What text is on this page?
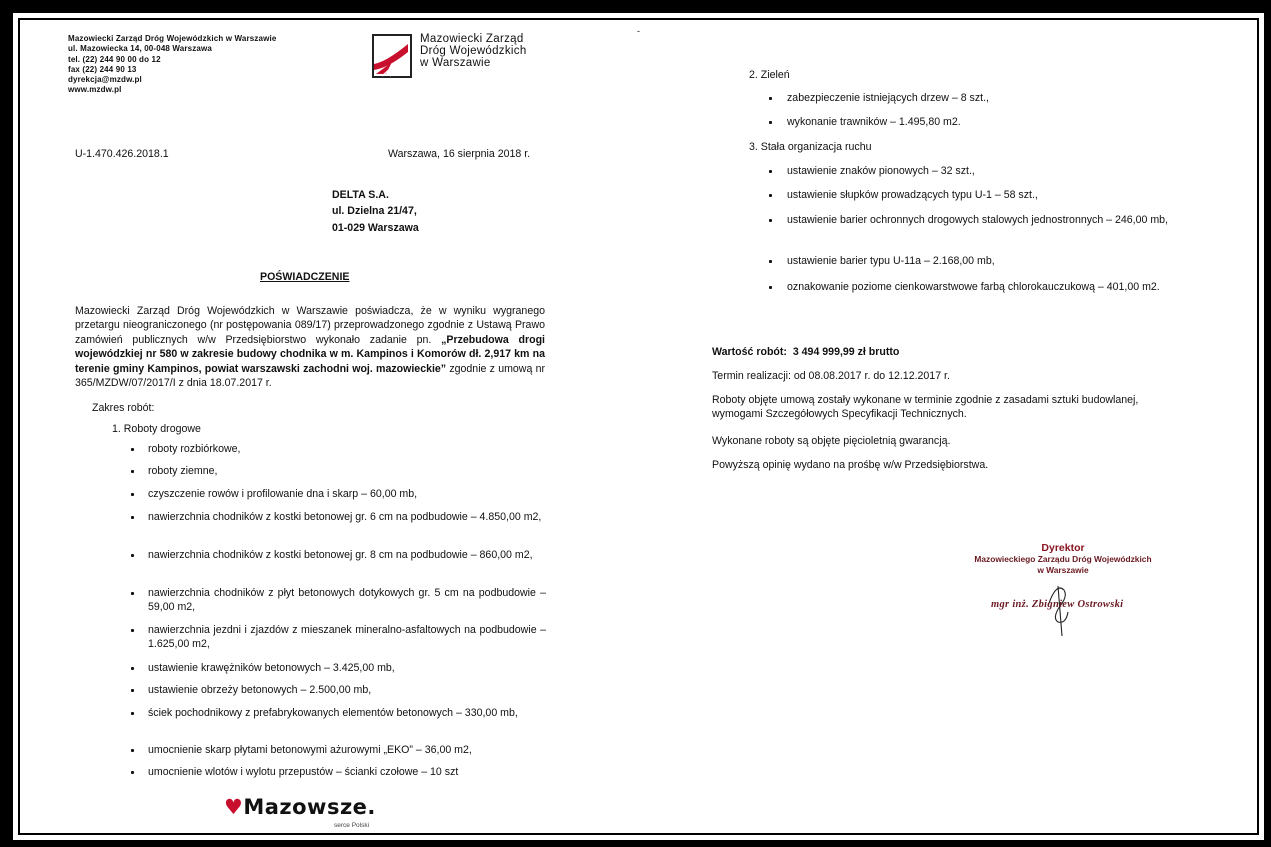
Mazowiecki Zarząd Dróg Wojewódzkich w Warszawie
ul. Mazowiecka 14, 00-048 Warszawa
tel. (22) 244 90 00 do 12
fax (22) 244 90 13
dyrekcja@mzdw.pl
www.mzdw.pl
Mazowiecki Zarząd
Dróg Wojewódzkich
w Warszawie
U-1.470.426.2018.1	Warszawa, 16 sierpnia 2018 r.
DELTA S.A.
ul. Dzielna 21/47,
01-029 Warszawa
POŚWIADCZENIE
Mazowiecki Zarząd Dróg Wojewódzkich w Warszawie poświadcza, że w wyniku wygranego przetargu nieograniczonego (nr postępowania 089/17) przeprowadzonego zgodnie z Ustawą Prawo zamówień publicznych w/w Przedsiębiorstwo wykonało zadanie pn. „Przebudowa drogi wojewódzkiej nr 580 w zakresie budowy chodnika w m. Kampinos i Komorów dł. 2,917 km na terenie gminy Kampinos, powiat warszawski zachodni woj. mazowieckie” zgodnie z umową nr 365/MZDW/07/2017/I z dnia 18.07.2017 r.
Zakres robót:
1. Roboty drogowe
roboty rozbiórkowe,
roboty ziemne,
czyszczenie rowów i profilowanie dna i skarp – 60,00 mb,
nawierzchnia chodników z kostki betonowej gr. 6 cm na podbudowie – 4.850,00 m2,
nawierzchnia chodników z kostki betonowej gr. 8 cm na podbudowie – 860,00 m2,
nawierzchnia chodników z płyt betonowych dotykowych gr. 5 cm na podbudowie – 59,00 m2,
nawierzchnia jezdni i zjazdów z mieszanek mineralno-asfaltowych na podbudowie – 1.625,00 m2,
ustawienie krawężników betonowych – 3.425,00 mb,
ustawienie obrzeży betonowych – 2.500,00 mb,
ściek pochodnikowy z prefabrykowanych elementów betonowych – 330,00 mb,
umocnienie skarp płytami betonowymi ażurowymi „EKO” – 36,00 m2,
umocnienie wlotów i wylotu przepustów – ścianki czołowe – 10 szt
♥Mazowsze.
serce Polski
-
2. Zieleń
zabezpieczenie istniejących drzew – 8 szt.,
wykonanie trawników – 1.495,80 m2.
3. Stała organizacja ruchu
ustawienie znaków pionowych – 32 szt.,
ustawienie słupków prowadzących typu U-1 – 58 szt.,
ustawienie barier ochronnych drogowych stalowych jednostronnych – 246,00 mb,
ustawienie barier typu U-11a – 2.168,00 mb,
oznakowanie poziome cienkowarstwowe farbą chlorokauczukową – 401,00 m2.
Wartość robót: 3 494 999,99 zł brutto
Termin realizacji: od 08.08.2017 r. do 12.12.2017 r.
Roboty objęte umową zostały wykonane w terminie zgodnie z zasadami sztuki budowlanej, wymogami Szczegółowych Specyfikacji Technicznych.
Wykonane roboty są objęte pięcioletnią gwarancją.
Powyższą opinię wydano na prośbę w/w Przedsiębiorstwa.
Dyrektor
Mazowieckiego Zarządu Dróg Wojewódzkich
w Warszawie
mgr inż. Zbigniew Ostrowski
